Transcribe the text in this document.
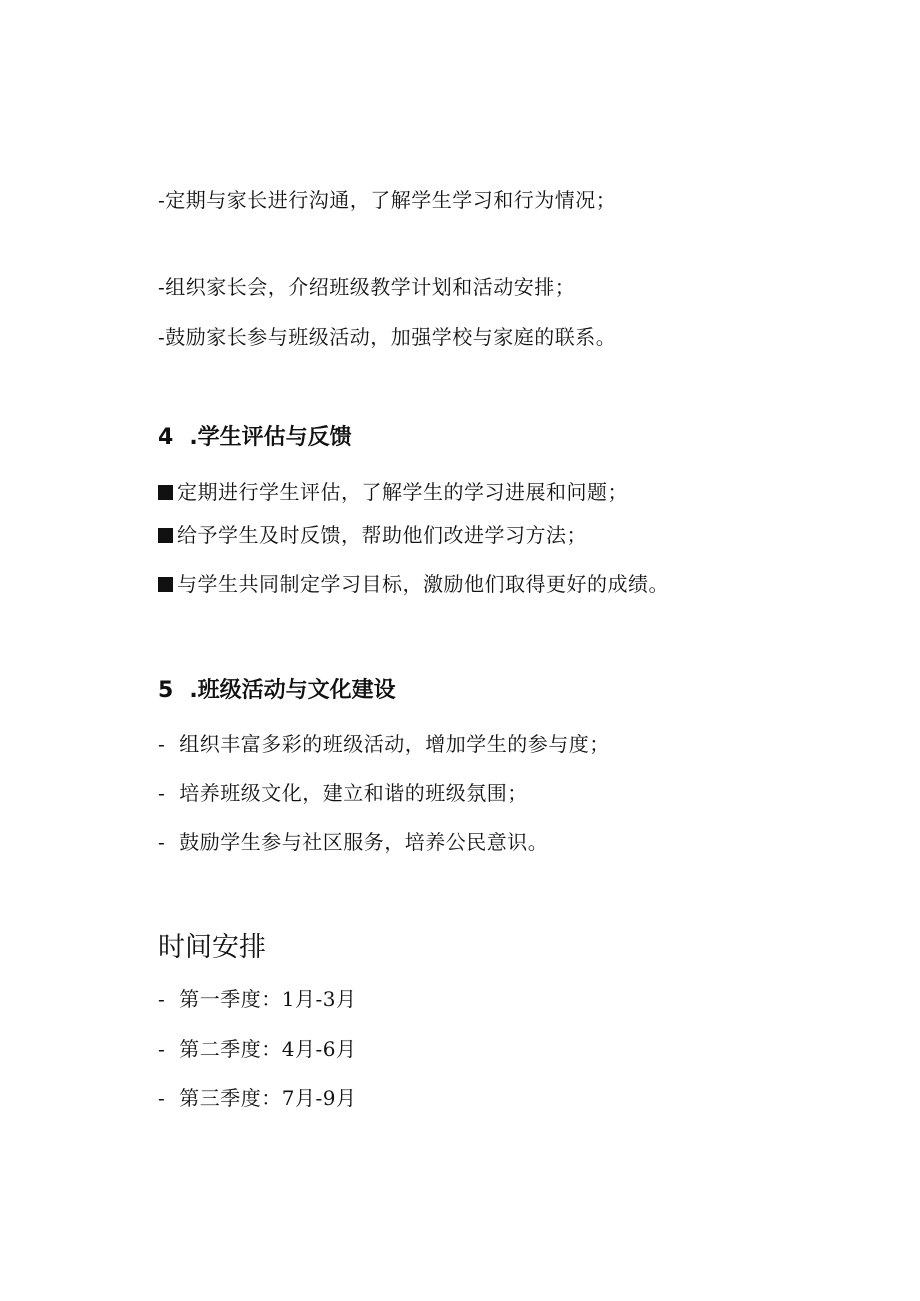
-定期与家长进行沟通，了解学生学习和行为情况；
-组织家长会，介绍班级教学计划和活动安排；
-鼓励家长参与班级活动，加强学校与家庭的联系。
4 .学生评估与反馈
定期进行学生评估，了解学生的学习进展和问题；
给予学生及时反馈，帮助他们改进学习方法；
与学生共同制定学习目标，激励他们取得更好的成绩。
5 .班级活动与文化建设
- 组织丰富多彩的班级活动，增加学生的参与度；
- 培养班级文化，建立和谐的班级氛围；
- 鼓励学生参与社区服务，培养公民意识。
时间安排
- 第一季度：1月-3月
- 第二季度：4月-6月
- 第三季度：7月-9月
